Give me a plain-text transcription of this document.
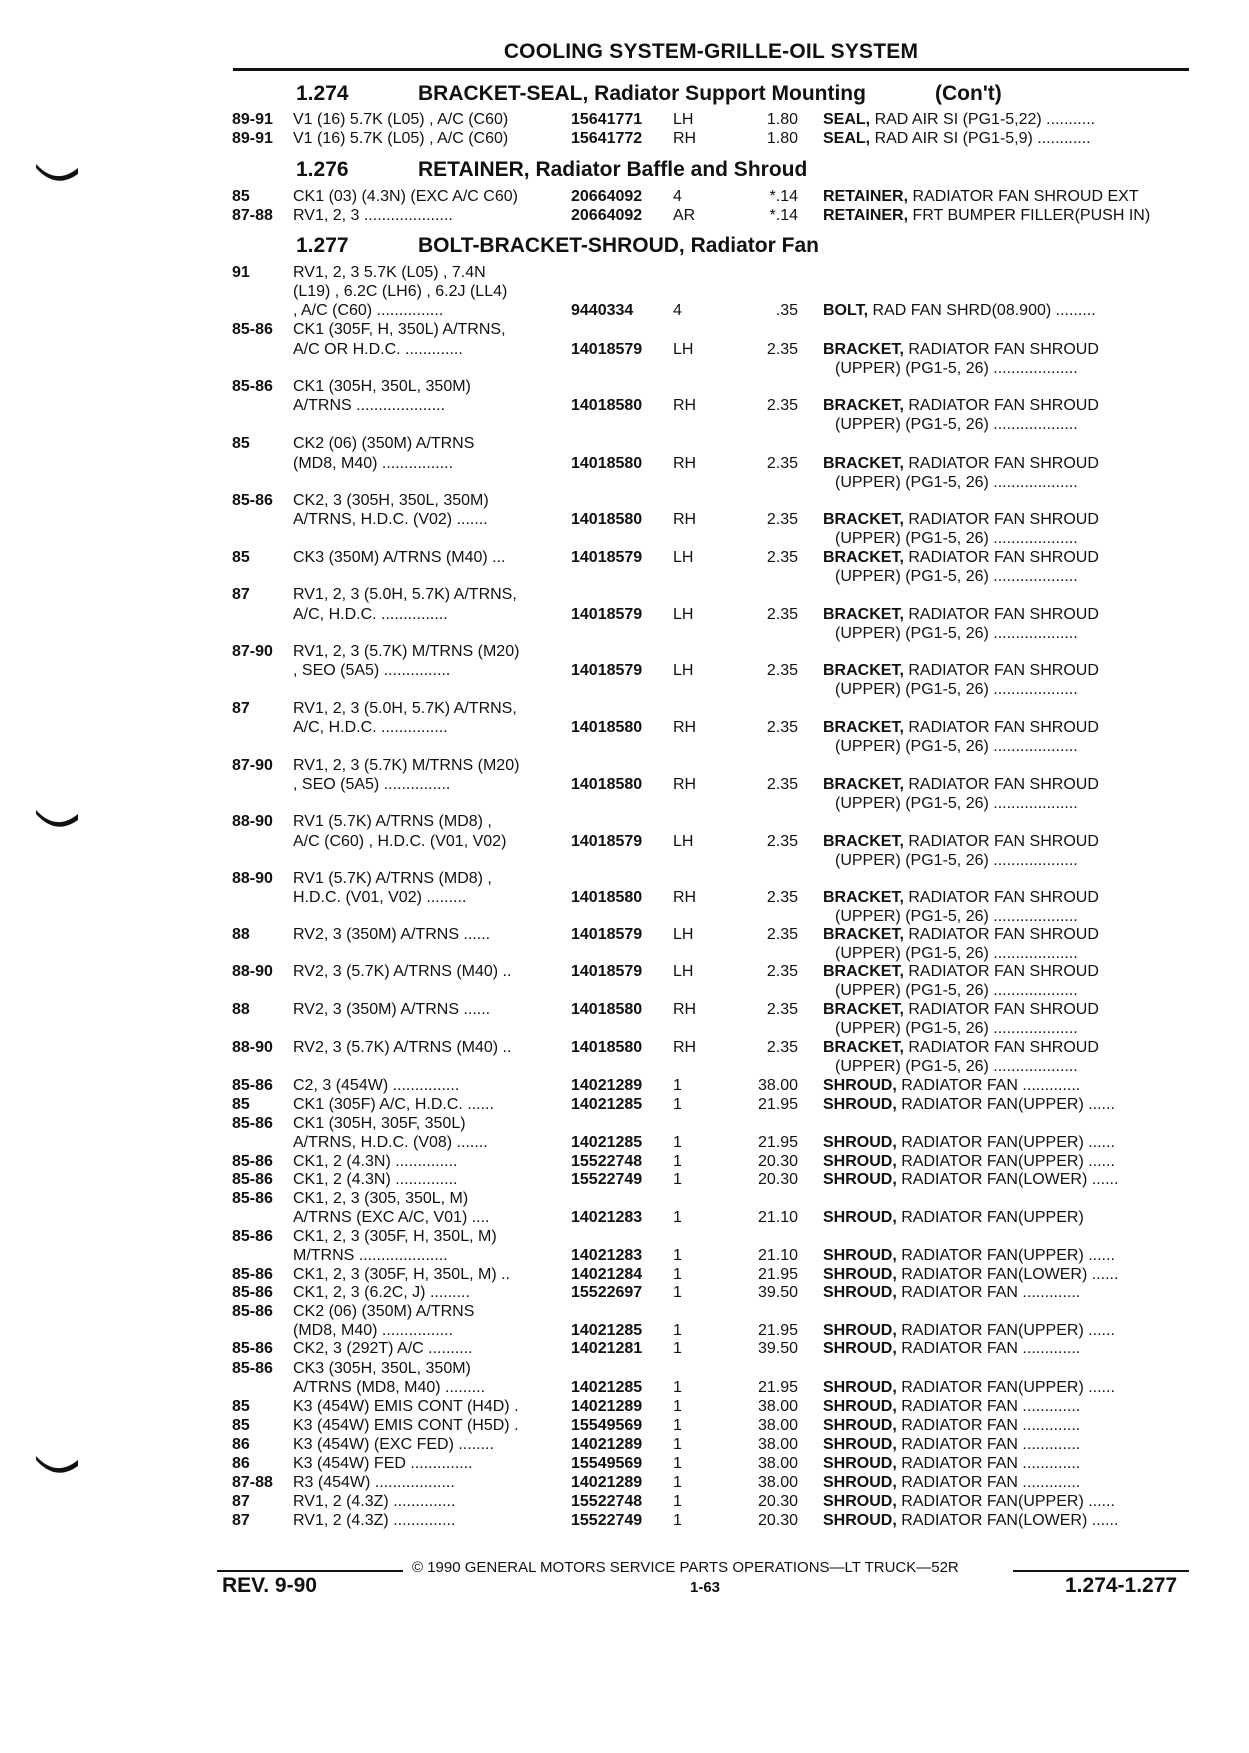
COOLING SYSTEM-GRILLE-OIL SYSTEM
1.274	BRACKET-SEAL, Radiator Support Mounting	(Con't)
1.276	RETAINER, Radiator Baffle and Shroud
1.277	BOLT-BRACKET-SHROUD, Radiator Fan
89-91 V1 (16) 5.7K (L05) , A/C (C60)	15641771 LH	1.80 SEAL, RAD AIR SI (PG1-5,22) ...........
89-91 V1 (16) 5.7K (L05) , A/C (C60)	15641772 RH	1.80 SEAL, RAD AIR SI (PG1-5,9) ............
85	CK1 (03) (4.3N) (EXC A/C C60)	20664092 4	*.14 RETAINER, RADIATOR FAN SHROUD EXT
87-88 RV1, 2, 3 ....................	20664092 AR	*.14 RETAINER, FRT BUMPER FILLER(PUSH IN)
91	RV1, 2, 3 5.7K (L05) , 7.4N
(L19) , 6.2C (LH6) , 6.2J (LL4)
, A/C (C60) ...............	9440334 4	.35 BOLT, RAD FAN SHRD(08.900) .........
85-86 CK1 (305F, H, 350L) A/TRNS,
A/C OR H.D.C. .............	14018579 LH	2.35 BRACKET, RADIATOR FAN SHROUD
(UPPER) (PG1-5, 26) ...................
85-86 CK1 (305H, 350L, 350M)
A/TRNS ....................	14018580 RH	2.35 BRACKET, RADIATOR FAN SHROUD
(UPPER) (PG1-5, 26) ...................
85	CK2 (06) (350M) A/TRNS
(MD8, M40) ................	14018580 RH	2.35 BRACKET, RADIATOR FAN SHROUD
(UPPER) (PG1-5, 26) ...................
85-86 CK2, 3 (305H, 350L, 350M)
A/TRNS, H.D.C. (V02) .......	14018580 RH	2.35 BRACKET, RADIATOR FAN SHROUD
(UPPER) (PG1-5, 26) ...................
85	CK3 (350M) A/TRNS (M40) ...	14018579 LH	2.35 BRACKET, RADIATOR FAN SHROUD
(UPPER) (PG1-5, 26) ...................
87	RV1, 2, 3 (5.0H, 5.7K) A/TRNS,
A/C, H.D.C. ...............	14018579 LH	2.35 BRACKET, RADIATOR FAN SHROUD
(UPPER) (PG1-5, 26) ...................
87-90 RV1, 2, 3 (5.7K) M/TRNS (M20)
, SEO (5A5) ...............	14018579 LH	2.35 BRACKET, RADIATOR FAN SHROUD
(UPPER) (PG1-5, 26) ...................
87	RV1, 2, 3 (5.0H, 5.7K) A/TRNS,
A/C, H.D.C. ...............	14018580 RH	2.35 BRACKET, RADIATOR FAN SHROUD
(UPPER) (PG1-5, 26) ...................
87-90 RV1, 2, 3 (5.7K) M/TRNS (M20)
, SEO (5A5) ...............	14018580 RH	2.35 BRACKET, RADIATOR FAN SHROUD
(UPPER) (PG1-5, 26) ...................
88-90 RV1 (5.7K) A/TRNS (MD8) ,
A/C (C60) , H.D.C. (V01, V02)	14018579 LH	2.35 BRACKET, RADIATOR FAN SHROUD
(UPPER) (PG1-5, 26) ...................
88-90 RV1 (5.7K) A/TRNS (MD8) ,
H.D.C. (V01, V02) .........	14018580 RH	2.35 BRACKET, RADIATOR FAN SHROUD
(UPPER) (PG1-5, 26) ...................
88	RV2, 3 (350M) A/TRNS ......	14018579 LH	2.35 BRACKET, RADIATOR FAN SHROUD
(UPPER) (PG1-5, 26) ...................
88-90 RV2, 3 (5.7K) A/TRNS (M40) ..	14018579 LH	2.35 BRACKET, RADIATOR FAN SHROUD
(UPPER) (PG1-5, 26) ...................
88	RV2, 3 (350M) A/TRNS ......	14018580 RH	2.35 BRACKET, RADIATOR FAN SHROUD
(UPPER) (PG1-5, 26) ...................
88-90 RV2, 3 (5.7K) A/TRNS (M40) ..	14018580 RH	2.35 BRACKET, RADIATOR FAN SHROUD
(UPPER) (PG1-5, 26) ...................
85-86 C2, 3 (454W) ...............	14021289 1	38.00 SHROUD, RADIATOR FAN .............
85	CK1 (305F) A/C, H.D.C. ......	14021285 1	21.95 SHROUD, RADIATOR FAN(UPPER) ......
85-86 CK1 (305H, 305F, 350L)
A/TRNS, H.D.C. (V08) .......	14021285 1	21.95 SHROUD, RADIATOR FAN(UPPER) ......
85-86 CK1, 2 (4.3N) ..............	15522748 1	20.30 SHROUD, RADIATOR FAN(UPPER) ......
85-86 CK1, 2 (4.3N) ..............	15522749 1	20.30 SHROUD, RADIATOR FAN(LOWER) ......
85-86 CK1, 2, 3 (305, 350L, M)
A/TRNS (EXC A/C, V01) ....	14021283 1	21.10 SHROUD, RADIATOR FAN(UPPER)
85-86 CK1, 2, 3 (305F, H, 350L, M)
M/TRNS ....................	14021283 1	21.10 SHROUD, RADIATOR FAN(UPPER) ......
85-86 CK1, 2, 3 (305F, H, 350L, M) ..	14021284 1	21.95 SHROUD, RADIATOR FAN(LOWER) ......
85-86 CK1, 2, 3 (6.2C, J) .........	15522697 1	39.50 SHROUD, RADIATOR FAN .............
85-86 CK2 (06) (350M) A/TRNS
(MD8, M40) ................	14021285 1	21.95 SHROUD, RADIATOR FAN(UPPER) ......
85-86 CK2, 3 (292T) A/C ..........	14021281 1	39.50 SHROUD, RADIATOR FAN .............
85-86 CK3 (305H, 350L, 350M)
A/TRNS (MD8, M40) .........	14021285 1	21.95 SHROUD, RADIATOR FAN(UPPER) ......
85	K3 (454W) EMIS CONT (H4D) .	14021289 1	38.00 SHROUD, RADIATOR FAN .............
85	K3 (454W) EMIS CONT (H5D) .	15549569 1	38.00 SHROUD, RADIATOR FAN .............
86	K3 (454W) (EXC FED) ........	14021289 1	38.00 SHROUD, RADIATOR FAN .............
86	K3 (454W) FED ..............	15549569 1	38.00 SHROUD, RADIATOR FAN .............
87-88 R3 (454W) ..................	14021289 1	38.00 SHROUD, RADIATOR FAN .............
87	RV1, 2 (4.3Z) ..............	15522748 1	20.30 SHROUD, RADIATOR FAN(UPPER) ......
87	RV1, 2 (4.3Z) ..............	15522749 1	20.30 SHROUD, RADIATOR FAN(LOWER) ......
© 1990 GENERAL MOTORS SERVICE PARTS OPERATIONS—LT TRUCK—52R
REV. 9-90	1-63	1.274-1.277
